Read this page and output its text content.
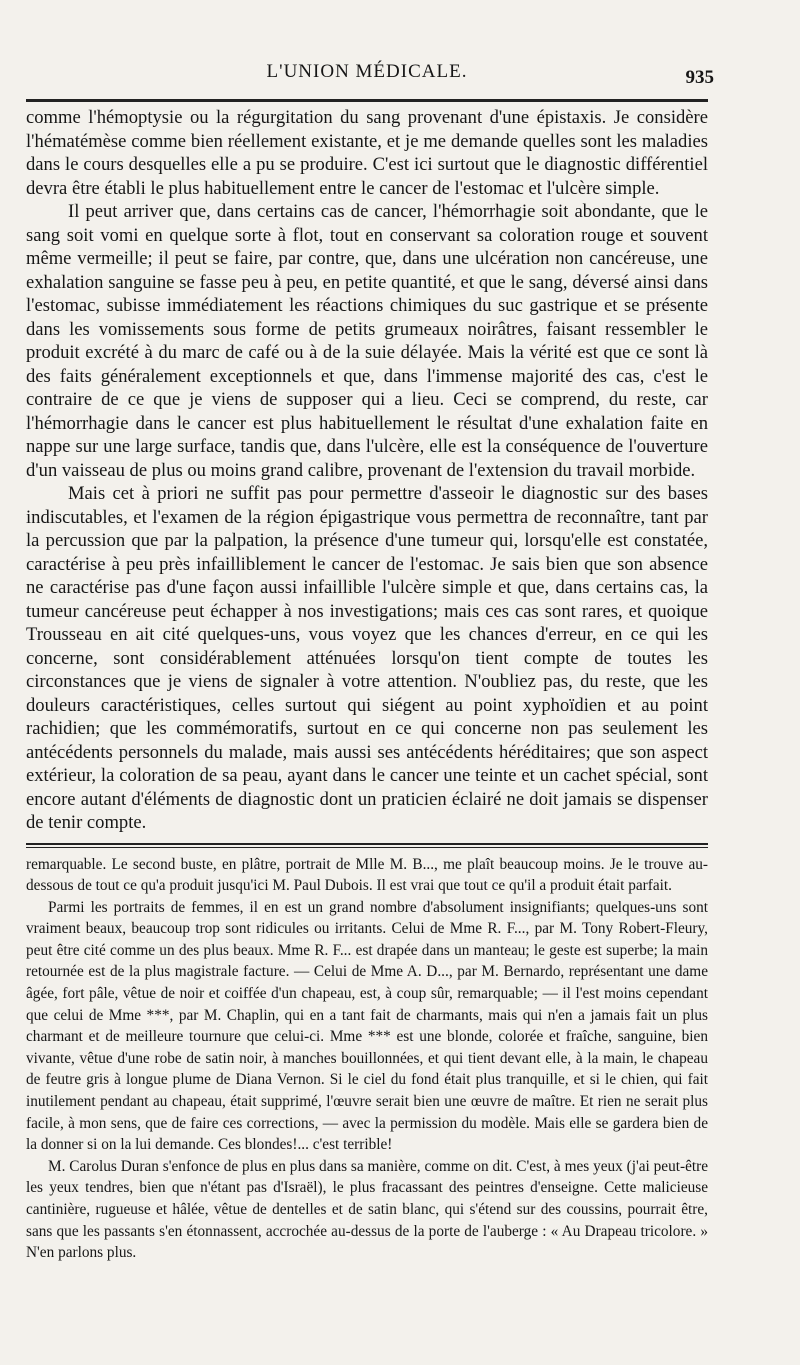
L'UNION MÉDICALE.	935

comme l'hémoptysie ou la régurgitation du sang provenant d'une épistaxis. Je considère l'hématémèse comme bien réellement existante, et je me demande quelles sont les maladies dans le cours desquelles elle a pu se produire. C'est ici surtout que le diagnostic différentiel devra être établi le plus habituellement entre le cancer de l'estomac et l'ulcère simple.

Il peut arriver que, dans certains cas de cancer, l'hémorrhagie soit abondante, que le sang soit vomi en quelque sorte à flot, tout en conservant sa coloration rouge et souvent même vermeille; il peut se faire, par contre, que, dans une ulcération non cancéreuse, une exhalation sanguine se fasse peu à peu, en petite quantité, et que le sang, déversé ainsi dans l'estomac, subisse immédiatement les réactions chimiques du suc gastrique et se présente dans les vomissements sous forme de petits grumeaux noirâtres, faisant ressembler le produit excrété à du marc de café ou à de la suie délayée. Mais la vérité est que ce sont là des faits généralement exceptionnels et que, dans l'immense majorité des cas, c'est le contraire de ce que je viens de supposer qui a lieu. Ceci se comprend, du reste, car l'hémorrhagie dans le cancer est plus habituellement le résultat d'une exhalation faite en nappe sur une large surface, tandis que, dans l'ulcère, elle est la conséquence de l'ouverture d'un vaisseau de plus ou moins grand calibre, provenant de l'extension du travail morbide.

Mais cet à priori ne suffit pas pour permettre d'asseoir le diagnostic sur des bases indiscutables, et l'examen de la région épigastrique vous permettra de reconnaître, tant par la percussion que par la palpation, la présence d'une tumeur qui, lorsqu'elle est constatée, caractérise à peu près infailliblement le cancer de l'estomac. Je sais bien que son absence ne caractérise pas d'une façon aussi infaillible l'ulcère simple et que, dans certains cas, la tumeur cancéreuse peut échapper à nos investigations; mais ces cas sont rares, et quoique Trousseau en ait cité quelques-uns, vous voyez que les chances d'erreur, en ce qui les concerne, sont considérablement atténuées lorsqu'on tient compte de toutes les circonstances que je viens de signaler à votre attention. N'oubliez pas, du reste, que les douleurs caractéristiques, celles surtout qui siégent au point xyphoïdien et au point rachidien; que les commémoratifs, surtout en ce qui concerne non pas seulement les antécédents personnels du malade, mais aussi ses antécédents héréditaires; que son aspect extérieur, la coloration de sa peau, ayant dans le cancer une teinte et un cachet spécial, sont encore autant d'éléments de diagnostic dont un praticien éclairé ne doit jamais se dispenser de tenir compte.

remarquable. Le second buste, en plâtre, portrait de Mlle M. B..., me plaît beaucoup moins. Je le trouve au-dessous de tout ce qu'a produit jusqu'ici M. Paul Dubois. Il est vrai que tout ce qu'il a produit était parfait.

Parmi les portraits de femmes, il en est un grand nombre d'absolument insignifiants; quelques-uns sont vraiment beaux, beaucoup trop sont ridicules ou irritants. Celui de Mme R. F..., par M. Tony Robert-Fleury, peut être cité comme un des plus beaux. Mme R. F... est drapée dans un manteau; le geste est superbe; la main retournée est de la plus magistrale facture. — Celui de Mme A. D..., par M. Bernardo, représentant une dame âgée, fort pâle, vêtue de noir et coiffée d'un chapeau, est, à coup sûr, remarquable; — il l'est moins cependant que celui de Mme ***, par M. Chaplin, qui en a tant fait de charmants, mais qui n'en a jamais fait un plus charmant et de meilleure tournure que celui-ci. Mme *** est une blonde, colorée et fraîche, sanguine, bien vivante, vêtue d'une robe de satin noir, à manches bouillonnées, et qui tient devant elle, à la main, le chapeau de feutre gris à longue plume de Diana Vernon. Si le ciel du fond était plus tranquille, et si le chien, qui fait inutilement pendant au chapeau, était supprimé, l'œuvre serait bien une œuvre de maître. Et rien ne serait plus facile, à mon sens, que de faire ces corrections, — avec la permission du modèle. Mais elle se gardera bien de la donner si on la lui demande. Ces blondes!... c'est terrible!

M. Carolus Duran s'enfonce de plus en plus dans sa manière, comme on dit. C'est, à mes yeux (j'ai peut-être les yeux tendres, bien que n'étant pas d'Israël), le plus fracassant des peintres d'enseigne. Cette malicieuse cantinière, rugueuse et hâlée, vêtue de dentelles et de satin blanc, qui s'étend sur des coussins, pourrait être, sans que les passants s'en étonnassent, accrochée au-dessus de la porte de l'auberge : « Au Drapeau tricolore. » N'en parlons plus.
